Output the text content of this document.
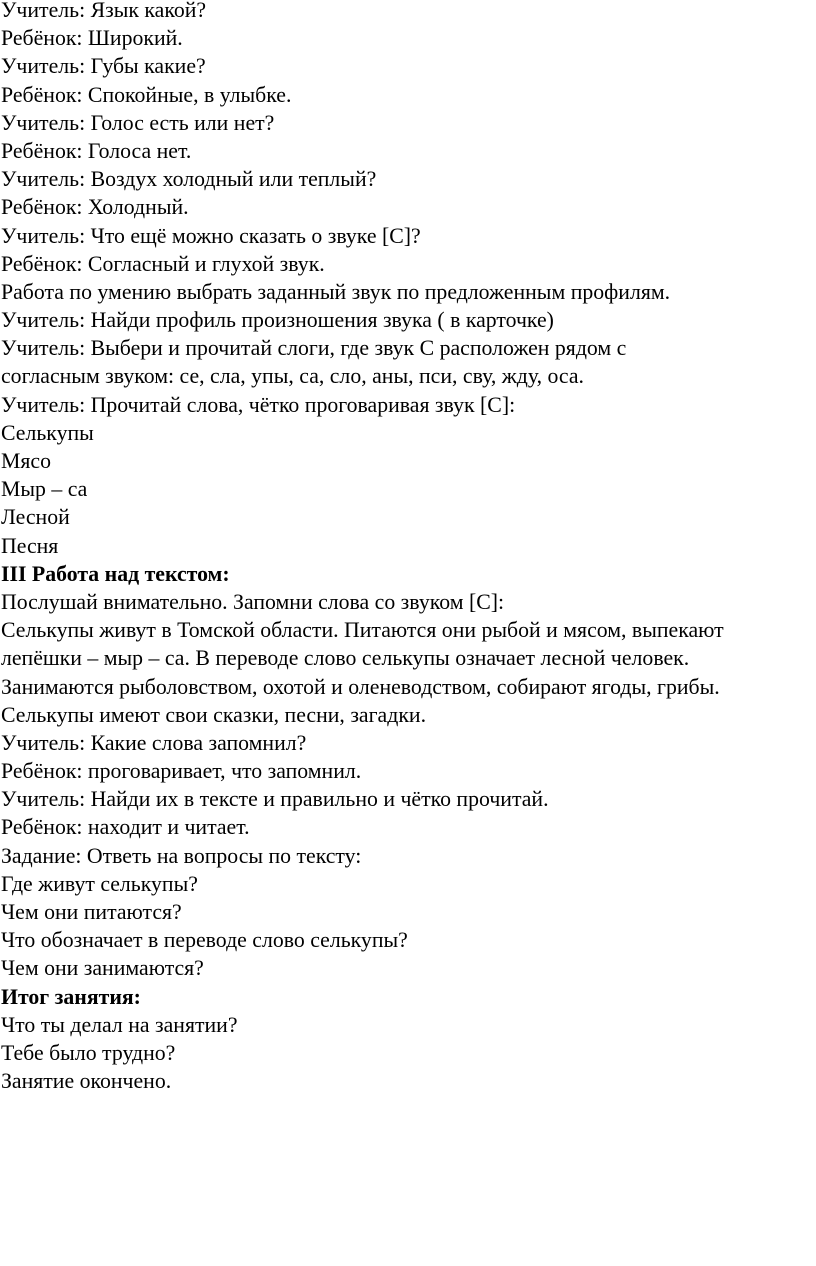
Учитель: Язык какой?
Ребёнок: Широкий.
Учитель: Губы какие?
Ребёнок: Спокойные, в улыбке.
Учитель: Голос есть или нет?
Ребёнок: Голоса нет.
Учитель: Воздух холодный или теплый?
Ребёнок: Холодный.
Учитель: Что ещё можно сказать о звуке [С]?
Ребёнок: Согласный и глухой звук.
Работа по умению выбрать заданный звук по предложенным профилям.
Учитель: Найди профиль произношения звука ( в карточке)
Учитель: Выбери и прочитай слоги, где звук С расположен рядом с
согласным звуком: се, сла, упы, са, сло, аны, пси, сву, жду, оса.
Учитель: Прочитай слова, чётко проговаривая звук [С]:
Селькупы
Мясо
Мыр – са
Лесной
Песня
III Работа над текстом:
Послушай внимательно. Запомни слова со звуком [С]:
Селькупы живут в Томской области. Питаются они рыбой и мясом, выпекают
лепёшки – мыр – са. В переводе слово селькупы означает лесной человек.
Занимаются рыболовством, охотой и оленеводством, собирают ягоды, грибы.
Селькупы имеют свои сказки, песни, загадки.
Учитель: Какие слова запомнил?
Ребёнок: проговаривает, что запомнил.
Учитель: Найди их в тексте и правильно и чётко прочитай.
Ребёнок: находит и читает.
Задание: Ответь на вопросы по тексту:
Где живут селькупы?
Чем они питаются?
Что обозначает в переводе слово селькупы?
Чем они занимаются?
Итог занятия:
Что ты делал на занятии?
Тебе было трудно?
Занятие окончено.
